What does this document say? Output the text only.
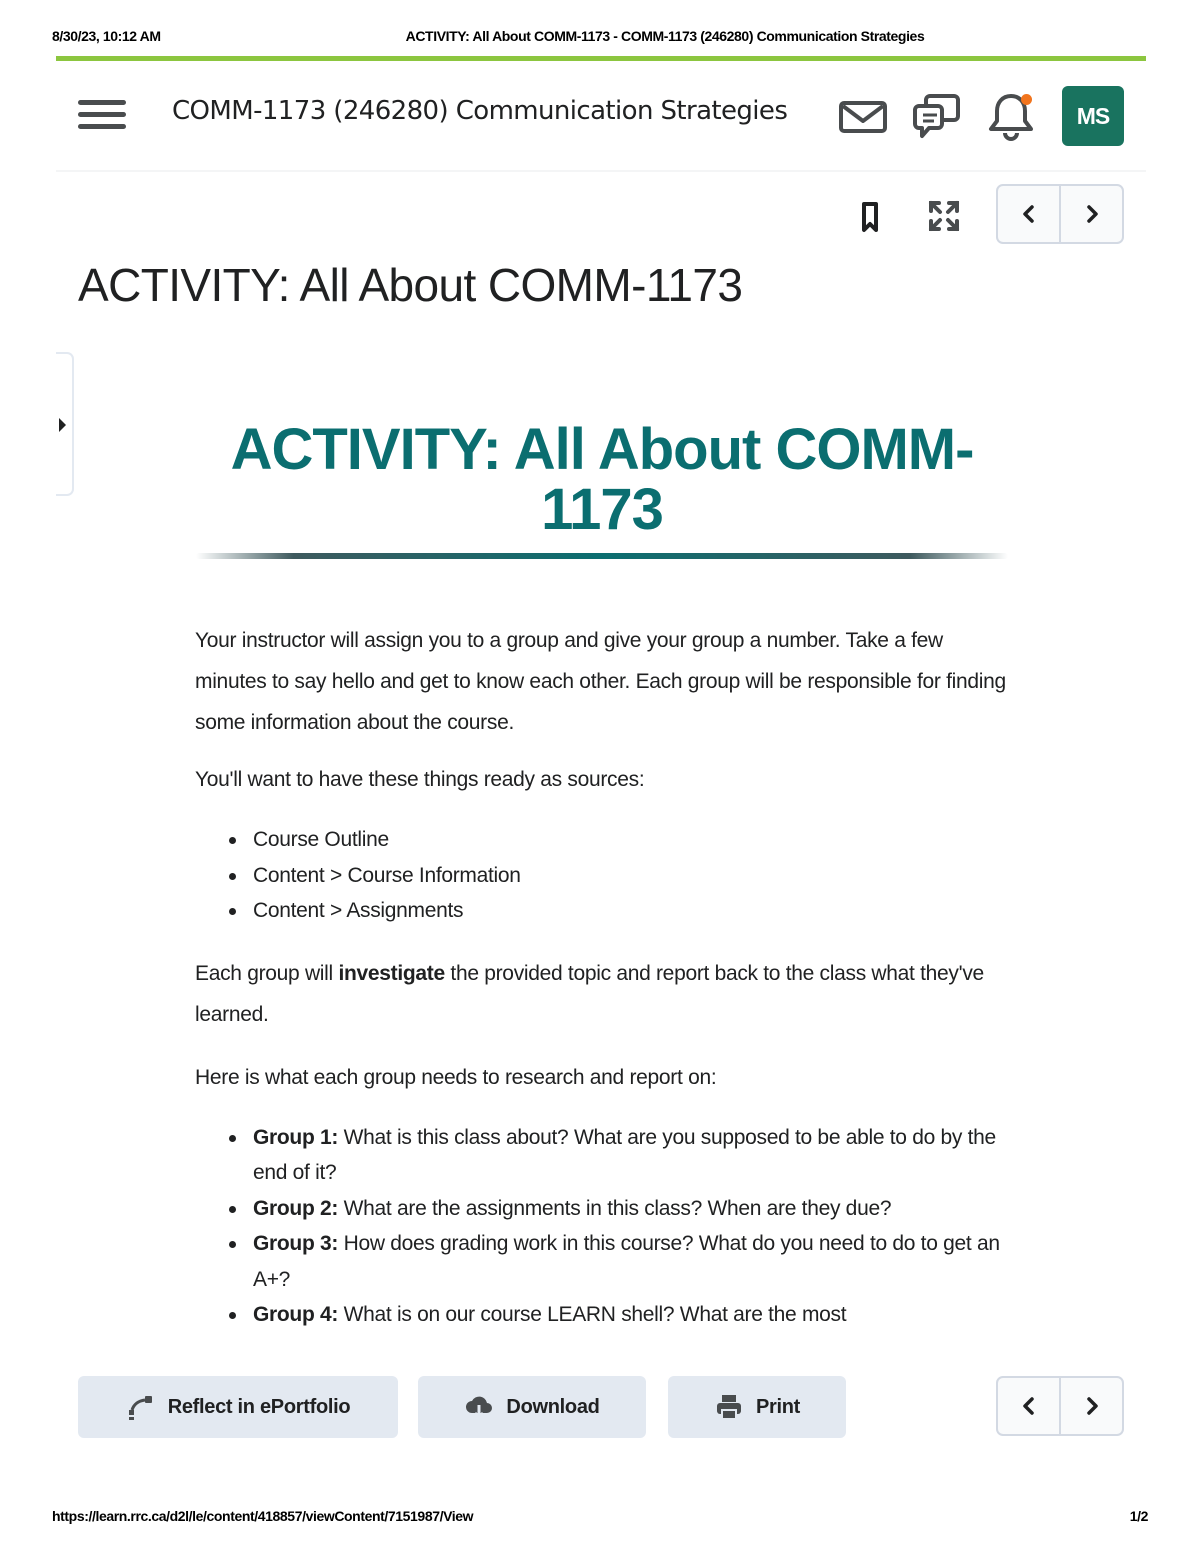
8/30/23, 10:12 AM	ACTIVITY: All About COMM-1173 - COMM-1173 (246280) Communication Strategies
COMM-1173 (246280) Communication Strategies	MS
ACTIVITY: All About COMM-1173
ACTIVITY: All About COMM-1173

Your instructor will assign you to a group and give your group a number. Take a few minutes to say hello and get to know each other. Each group will be responsible for finding some information about the course.

You'll want to have these things ready as sources:

Course Outline
Content > Course Information
Content > Assignments

Each group will investigate the provided topic and report back to the class what they've learned.

Here is what each group needs to research and report on:

Group 1: What is this class about? What are you supposed to be able to do by the end of it?
Group 2: What are the assignments in this class? When are they due?
Group 3: How does grading work in this course? What do you need to do to get an A+?
Group 4: What is on our course LEARN shell? What are the most
Reflect in ePortfolio	Download	Print
https://learn.rrc.ca/d2l/le/content/418857/viewContent/7151987/View	1/2
